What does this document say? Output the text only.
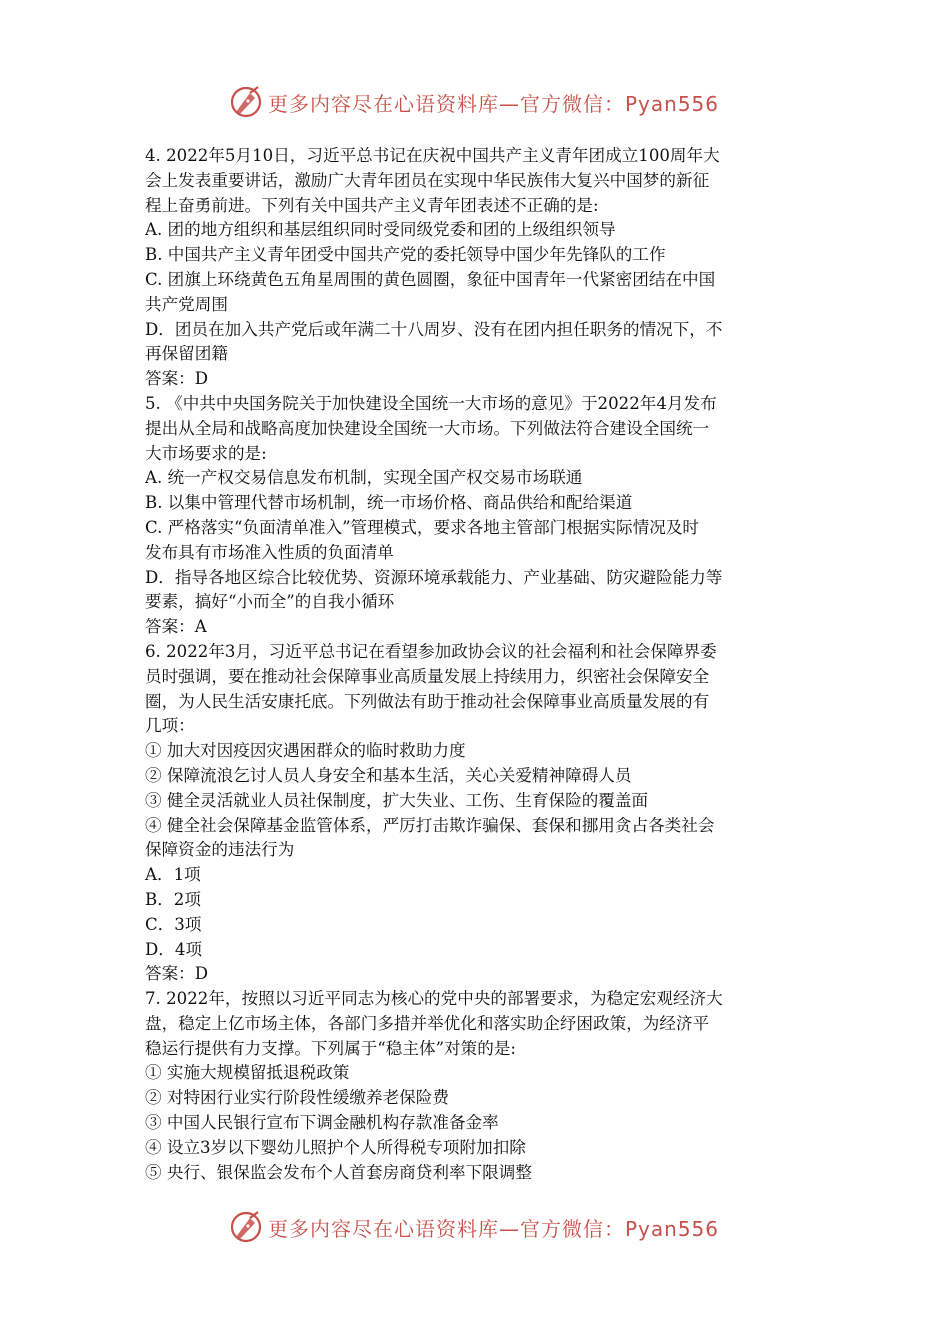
更多内容尽在心语资料库—官方微信：Pyan556
4. 2022年5月10日，习近平总书记在庆祝中国共产主义青年团成立100周年大
会上发表重要讲话，激励广大青年团员在实现中华民族伟大复兴中国梦的新征
程上奋勇前进。下列有关中国共产主义青年团表述不正确的是:
A. 团的地方组织和基层组织同时受同级党委和团的上级组织领导
B. 中国共产主义青年团受中国共产党的委托领导中国少年先锋队的工作
C. 团旗上环绕黄色五角星周围的黄色圆圈，象征中国青年一代紧密团结在中国
共产党周围
D．团员在加入共产党后或年满二十八周岁、没有在团内担任职务的情况下，不
再保留团籍
答案：D
5. 《中共中央国务院关于加快建设全国统一大市场的意见》于2022年4月发布
提出从全局和战略高度加快建设全国统一大市场。下列做法符合建设全国统一
大市场要求的是:
A. 统一产权交易信息发布机制，实现全国产权交易市场联通
B. 以集中管理代替市场机制，统一市场价格、商品供给和配给渠道
C. 严格落实“负面清单准入”管理模式，要求各地主管部门根据实际情况及时
发布具有市场准入性质的负面清单
D．指导各地区综合比较优势、资源环境承载能力、产业基础、防灾避险能力等
要素，搞好“小而全”的自我小循环
答案：A
6. 2022年3月，习近平总书记在看望参加政协会议的社会福利和社会保障界委
员时强调，要在推动社会保障事业高质量发展上持续用力，织密社会保障安全
圈，为人民生活安康托底。下列做法有助于推动社会保障事业高质量发展的有
几项：
① 加大对因疫因灾遇困群众的临时救助力度
② 保障流浪乞讨人员人身安全和基本生活，关心关爱精神障碍人员
③ 健全灵活就业人员社保制度，扩大失业、工伤、生育保险的覆盖面
④ 健全社会保障基金监管体系，严厉打击欺诈骗保、套保和挪用贪占各类社会
保障资金的违法行为
A．1项
B．2项
C．3项
D．4项
答案：D
7. 2022年，按照以习近平同志为核心的党中央的部署要求，为稳定宏观经济大
盘，稳定上亿市场主体，各部门多措并举优化和落实助企纾困政策，为经济平
稳运行提供有力支撑。下列属于“稳主体”对策的是:
① 实施大规模留抵退税政策
② 对特困行业实行阶段性缓缴养老保险费
③ 中国人民银行宣布下调金融机构存款准备金率
④ 设立3岁以下婴幼儿照护个人所得税专项附加扣除
⑤ 央行、银保监会发布个人首套房商贷利率下限调整
更多内容尽在心语资料库—官方微信：Pyan556
